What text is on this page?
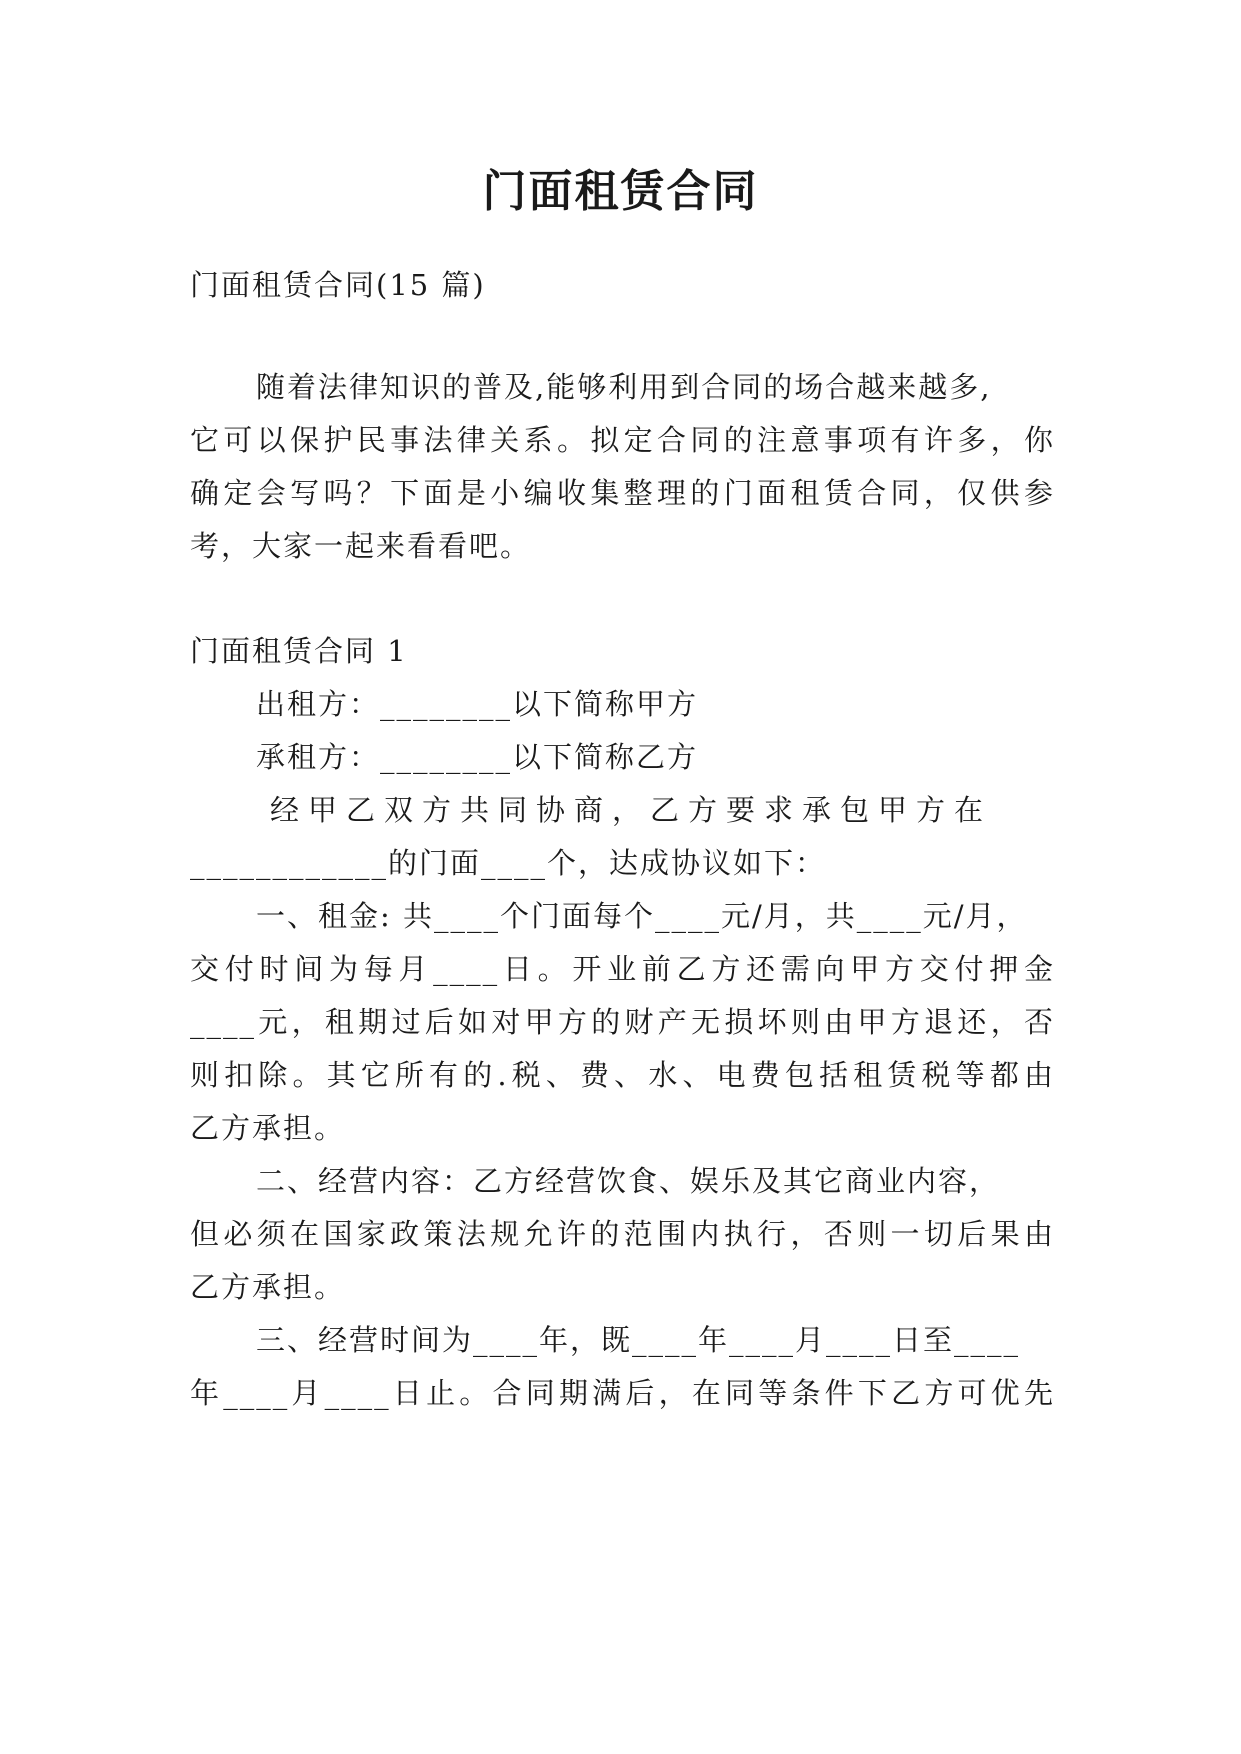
门面租赁合同
门面租赁合同(15 篇)
随着法律知识的普及,能够利用到合同的场合越来越多,
它可以保护民事法律关系。拟定合同的注意事项有许多，你
确定会写吗？下面是小编收集整理的门面租赁合同，仅供参
考，大家一起来看看吧。
门面租赁合同 1
出租方：________以下简称甲方
承租方：________以下简称乙方
经甲乙双方共同协商，乙方要求承包甲方在
____________的门面____个，达成协议如下：
一、租金: 共____个门面每个____元/月，共____元/月，
交付时间为每月____日。开业前乙方还需向甲方交付押金
____元，租期过后如对甲方的财产无损坏则由甲方退还，否
则扣除。其它所有的.税、费、水、电费包括租赁税等都由
乙方承担。
二、经营内容：乙方经营饮食、娱乐及其它商业内容，
但必须在国家政策法规允许的范围内执行，否则一切后果由
乙方承担。
三、经营时间为____年，既____年____月____日至____
年____月____日止。合同期满后，在同等条件下乙方可优先
